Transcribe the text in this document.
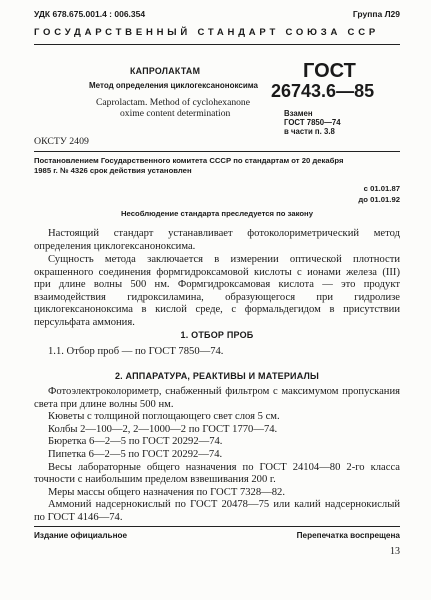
УДК 678.675.001.4 : 006.354	Группа Л29
ГОСУДАРСТВЕННЫЙ СТАНДАРТ СОЮЗА ССР
КАПРОЛАКТАМ
Метод определения циклогексаноноксима
Caprolactam. Method of cyclohexanone
oxime content determination
ГОСТ
26743.6—85
Взамен
ГОСТ 7850—74
в части п. 3.8
ОКСТУ 2409
Постановлением Государственного комитета СССР по стандартам от 20 декабря
1985 г. № 4326 срок действия установлен
с 01.01.87
до 01.01.92
Несоблюдение стандарта преследуется по закону
Настоящий стандарт устанавливает фотоколориметрический метод определения циклогексаноноксима.
Сущность метода заключается в измерении оптической плотности окрашенного соединения формгидроксамовой кислоты с ионами железа (III) при длине волны 500 нм. Формгидроксамовая кислота — это продукт взаимодействия гидроксиламина, образующегося при гидролизе циклогексаноноксима в кислой среде, с формальдегидом в присутствии персульфата аммония.
1. ОТБОР ПРОБ
1.1. Отбор проб — по ГОСТ 7850—74.
2. АППАРАТУРА, РЕАКТИВЫ И МАТЕРИАЛЫ
Фотоэлектроколориметр, снабженный фильтром с максимумом пропускания света при длине волны 500 нм.
Кюветы с толщиной поглощающего свет слоя 5 см.
Колбы 2—100—2, 2—1000—2 по ГОСТ 1770—74.
Бюретка 6—2—5 по ГОСТ 20292—74.
Пипетка 6—2—5 по ГОСТ 20292—74.
Весы лабораторные общего назначения по ГОСТ 24104—80 2-го класса точности с наибольшим пределом взвешивания 200 г.
Меры массы общего назначения по ГОСТ 7328—82.
Аммоний надсернокислый по ГОСТ 20478—75 или калий надсернокислый по ГОСТ 4146—74.
Издание официальное	Перепечатка воспрещена
13
